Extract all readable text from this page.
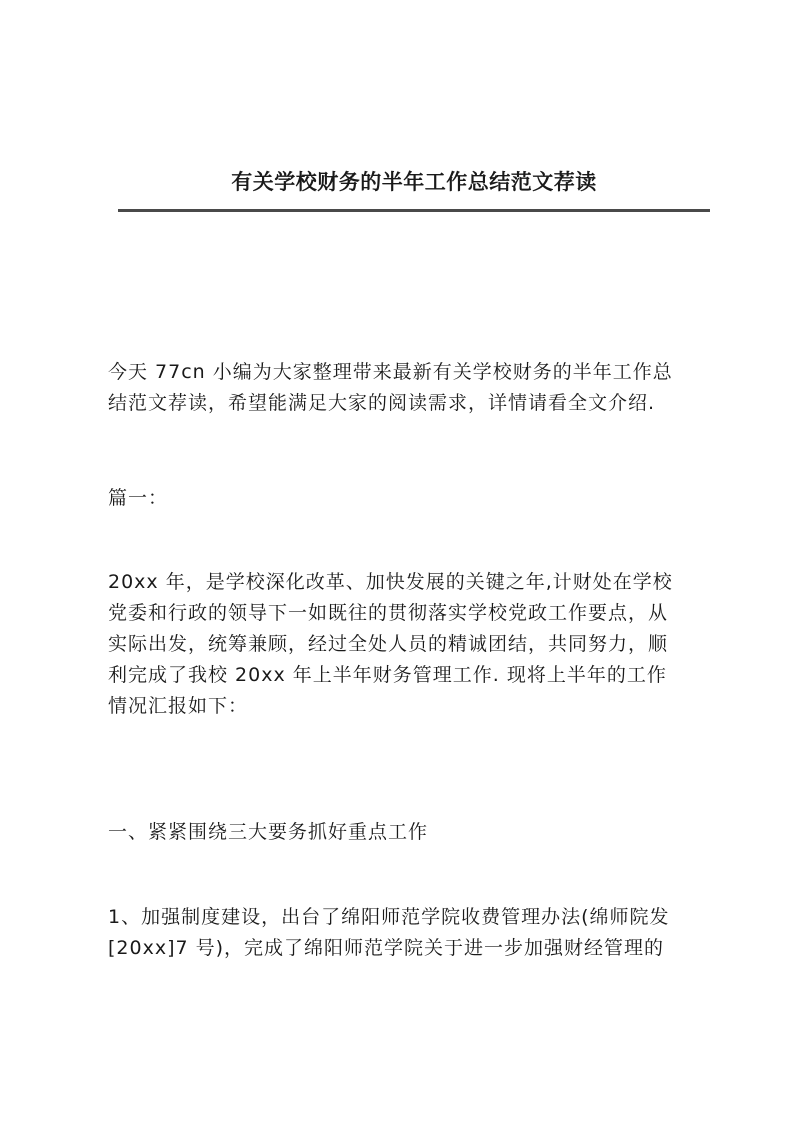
有关学校财务的半年工作总结范文荐读
今天 77cn 小编为大家整理带来最新有关学校财务的半年工作总
结范文荐读，希望能满足大家的阅读需求，详情请看全文介绍.
篇一：
20xx 年，是学校深化改革、加快发展的关键之年,计财处在学校
党委和行政的领导下一如既往的贯彻落实学校党政工作要点，从
实际出发，统筹兼顾，经过全处人员的精诚团结，共同努力，顺
利完成了我校 20xx 年上半年财务管理工作. 现将上半年的工作
情况汇报如下：
一、紧紧围绕三大要务抓好重点工作
1、加强制度建设，出台了绵阳师范学院收费管理办法(绵师院发
[20xx]7 号)，完成了绵阳师范学院关于进一步加强财经管理的
